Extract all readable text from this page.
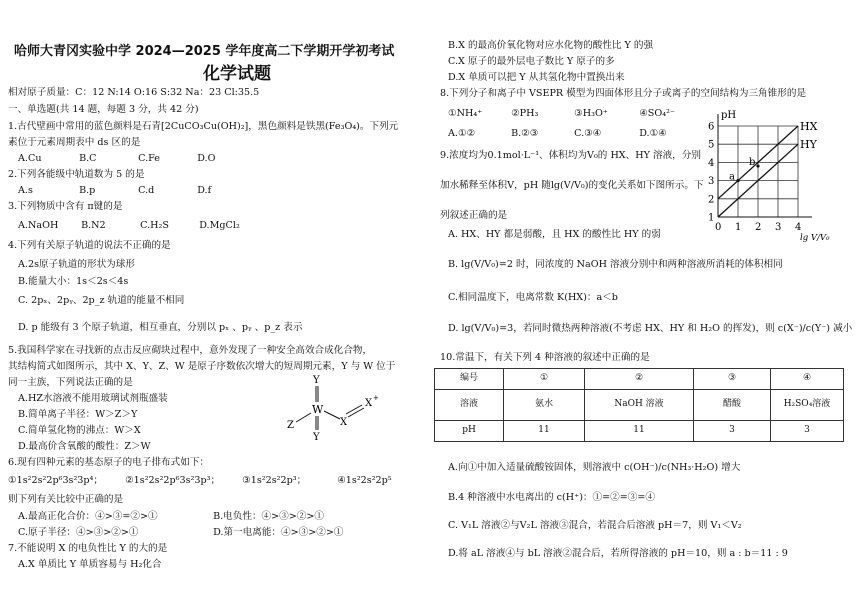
哈师大青冈实验中学 2024—2025 学年度高二下学期开学初考试
化学试题
相对原子质量：C：12 N:14 O:16 S:32 Na：23 Cl:35.5
一、单选题(共 14 题，每题 3 分，共 42 分)
1.古代壁画中常用的蓝色颜料是石青[2CuCO₃Cu(OH)₂]，黑色颜料是铁黑(Fe₃O₄)。下列元
素位于元素周期表中 ds 区的是
A.Cu	B.C	C.Fe	D.O
2.下列各能级中轨道数为 5 的是
A.s	B.p	C.d	D.f
3.下列物质中含有 π键的是
A.NaOH B.N2	C.H₂S	D.MgCl₂
4.下列有关原子轨道的说法不正确的是
A.2s原子轨道的形状为球形
B.能量大小：1s＜2s＜4s
C. 2pₓ、2pᵧ、2p_z 轨道的能量不相同
D. p 能级有 3 个原子轨道，相互垂直，分别以 pₓ 、pᵧ 、p_z 表示
5.我国科学家在寻找新的点击反应砌块过程中，意外发现了一种安全高效合成化合物，
其结构简式如图所示，其中 X、Y、Z、W 是原子序数依次增大的短周期元素，Y 与 W 位于
同一主族，下列说法正确的是
A.HZ水溶液不能用玻璃试剂瓶盛装
B.简单离子半径：W＞Z＞Y
C.简单氢化物的沸点：W＞X
D.最高价含氧酸的酸性：Z＞W
6.现有四种元素的基态原子的电子排布式如下：
①1s²2s²2p⁶3s²3p⁴； ②1s²2s²2p⁶3s²3p³； ③1s²2s²2p³；	④1s²2s²2p⁵
则下列有关比较中正确的是
A.最高正化合价：④>③=②>①	B.电负性：④>③>②>①
C.原子半径：④>③>②>①	D.第一电离能：④>③>②>①
7.不能说明 X 的电负性比 Y 的大的是
A.X 单质比 Y 单质容易与 H₂化合
Y
W
Y
Z	X
X +
B.X 的最高价氧化物对应水化物的酸性比 Y 的强
C.X 原子的最外层电子数比 Y 原子的多
D.X 单质可以把 Y 从其氢化物中置换出来
8.下列分子和离子中 VSEPR 模型为四面体形且分子或离子的空间结构为三角锥形的是
①NH₄⁺	②PH₃	③H₃O⁺	④SO₄²⁻
A.①②	B.②③	C.③④	D.①④
9.浓度均为0.1mol·L⁻¹、体积均为V₀的 HX、HY 溶液，分别
加水稀释至体积V，pH 随lg(V/V₀)的变化关系如下图所示。下
列叙述正确的是
A. HX、HY 都是弱酸，且 HX 的酸性比 HY 的弱
B. lg(V/V₀)=2 时，同浓度的 NaOH 溶液分别中和两种溶液所消耗的体积相同
C.相同温度下，电离常数 K(HX)：a＜b
D. lg(V/V₀)=3，若同时微热两种溶液(不考虑 HX、HY 和 H₂O 的挥发)，则 c(X⁻)/c(Y⁻) 减小
10.常温下，有关下列 4 种溶液的叙述中正确的是
编号	①	②	③	④
溶液	氨水	NaOH 溶液	醋酸	H₂SO₄溶液
pH	11	11	3	3
A.向①中加入适量硫酸铵固体，则溶液中 c(OH⁻)/c(NH₃·H₂O) 增大
B.4 种溶液中水电离出的 c(H⁺)：①=②=③=④
C. V₁L 溶液②与V₂L 溶液③混合，若混合后溶液 pH＝7，则 V₁＜V₂
D.将 aL 溶液④与 bL 溶液②混合后，若所得溶液的 pH＝10，则 a : b＝11 : 9
pH
lg V/V₀
1
2
3
4
5
6
0 1 2 3 4
HX
HY
a
b
